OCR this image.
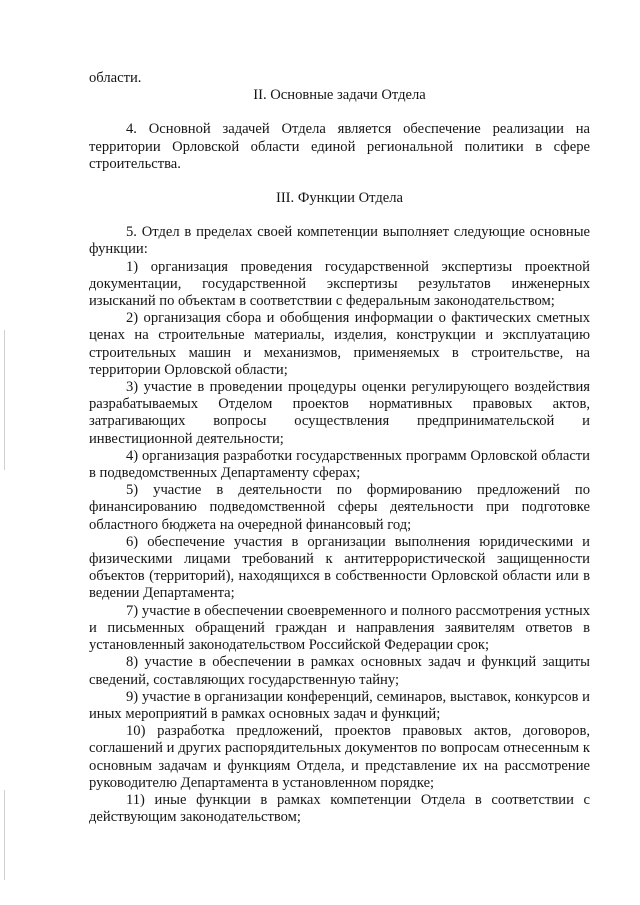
области.

II. Основные задачи Отдела

4. Основной задачей Отдела является обеспечение реализации на территории Орловской области единой региональной политики в сфере строительства.

III. Функции Отдела

5. Отдел в пределах своей компетенции выполняет следующие основные функции:

1) организация проведения государственной экспертизы проектной документации, государственной экспертизы результатов инженерных изысканий по объектам в соответствии с федеральным законодательством;

2) организация сбора и обобщения информации о фактических сметных ценах на строительные материалы, изделия, конструкции и эксплуатацию строительных машин и механизмов, применяемых в строительстве, на территории Орловской области;

3) участие в проведении процедуры оценки регулирующего воздействия разрабатываемых Отделом проектов нормативных правовых актов, затрагивающих вопросы осуществления предпринимательской и инвестиционной деятельности;

4) организация разработки государственных программ Орловской области в подведомственных Департаменту сферах;

5) участие в деятельности по формированию предложений по финансированию подведомственной сферы деятельности при подготовке областного бюджета на очередной финансовый год;

6) обеспечение участия в организации выполнения юридическими и физическими лицами требований к антитеррористической защищенности объектов (территорий), находящихся в собственности Орловской области или в ведении Департамента;

7) участие в обеспечении своевременного и полного рассмотрения устных и письменных обращений граждан и направления заявителям ответов в установленный законодательством Российской Федерации срок;

8) участие в обеспечении в рамках основных задач и функций защиты сведений, составляющих государственную тайну;

9) участие в организации конференций, семинаров, выставок, конкурсов и иных мероприятий в рамках основных задач и функций;

10) разработка предложений, проектов правовых актов, договоров, соглашений и других распорядительных документов по вопросам отнесенным к основным задачам и функциям Отдела, и представление их на рассмотрение руководителю Департамента в установленном порядке;

11) иные функции в рамках компетенции Отдела в соответствии с действующим законодательством;
